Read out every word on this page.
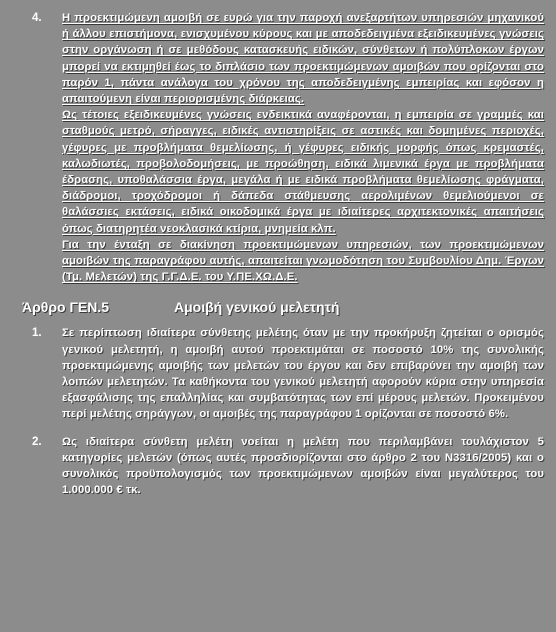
4.	Η προεκτιμώμενη αμοιβή σε ευρώ για την παροχή ανεξαρτήτων υπηρεσιών μηχανικού ή άλλου επιστήμονα, ενισχυμένου κύρους και με αποδεδειγμένα εξειδικευμένες γνώσεις στην οργάνωση ή σε μεθόδους κατασκευής ειδικών, σύνθετων ή πολύπλοκων έργων μπορεί να εκτιμηθεί έως το διπλάσιο των προεκτιμώμενων αμοιβών που ορίζονται στο παρόν 1, πάντα ανάλογα του χρόνου της αποδεδειγμένης εμπειρίας και εφόσον η απαιτούμενη είναι περιορισμένης διάρκειας.

Ως τέτοιες εξειδικευμένες γνώσεις ενδεικτικά αναφέρονται, η εμπειρία σε γραμμές και σταθμούς μετρό, σήραγγες, ειδικές αντιστηρίξεις σε αστικές και δομημένες περιοχές, γέφυρες με προβλήματα θεμελίωσης, ή γέφυρες ειδικής μορφής όπως κρεμαστές, καλωδιωτές, προβολοδομήσεις, με προώθηση, ειδικά λιμενικά έργα με προβλήματα έδρασης, υποθαλάσσια έργα, μεγάλα ή με ειδικά προβλήματα θεμελίωσης φράγματα, διάδρομοι, τροχόδρομοι ή δάπεδα στάθμευσης αερολιμένων θεμελιούμενοι σε θαλάσσιες εκτάσεις, ειδικά οικοδομικά έργα με ιδιαίτερες αρχιτεκτονικές απαιτήσεις όπως διατηρητέα νεοκλασικά κτίρια, μνημεία κλπ.

Για την ένταξη σε διακίνηση προεκτιμώμενων υπηρεσιών, των προεκτιμώμενων αμοιβών της παραγράφου αυτής, απαιτείται γνωμοδότηση του Συμβουλίου Δημ. Έργων (Τμ. Μελετών) της Γ.Γ.Δ.Ε. του Υ.ΠΕ.ΧΩ.Δ.Ε.

Άρθρο ΓΕΝ.5	Αμοιβή γενικού μελετητή
1.	Σε περίπτωση ιδιαίτερα σύνθετης μελέτης όταν με την προκήρυξη ζητείται ο ορισμός γενικού μελετητή, η αμοιβή αυτού προεκτιμάται σε ποσοστό 10% της συνολικής προεκτιμώμενης αμοιβής των μελετών του έργου και δεν επιβαρύνει την αμοιβή των λοιπών μελετητών. Τα καθήκοντα του γενικού μελετητή αφορούν κύρια στην υπηρεσία εξασφάλισης της επαλληλίας και συμβατότητας των επί μέρους μελετών. Προκειμένου περί μελέτης σηράγγων, οι αμοιβές της παραγράφου 1 ορίζονται σε ποσοστό 6%.

2.	Ως ιδιαίτερα σύνθετη μελέτη νοείται η μελέτη που περιλαμβάνει τουλάχιστον 5 κατηγορίες μελετών (όπως αυτές προσδιορίζονται στο άρθρο 2 του Ν3316/2005) και ο συνολικός προϋπολογισμός των προεκτιμώμενων αμοιβών είναι μεγαλύτερος του 1.000.000 € τκ.
